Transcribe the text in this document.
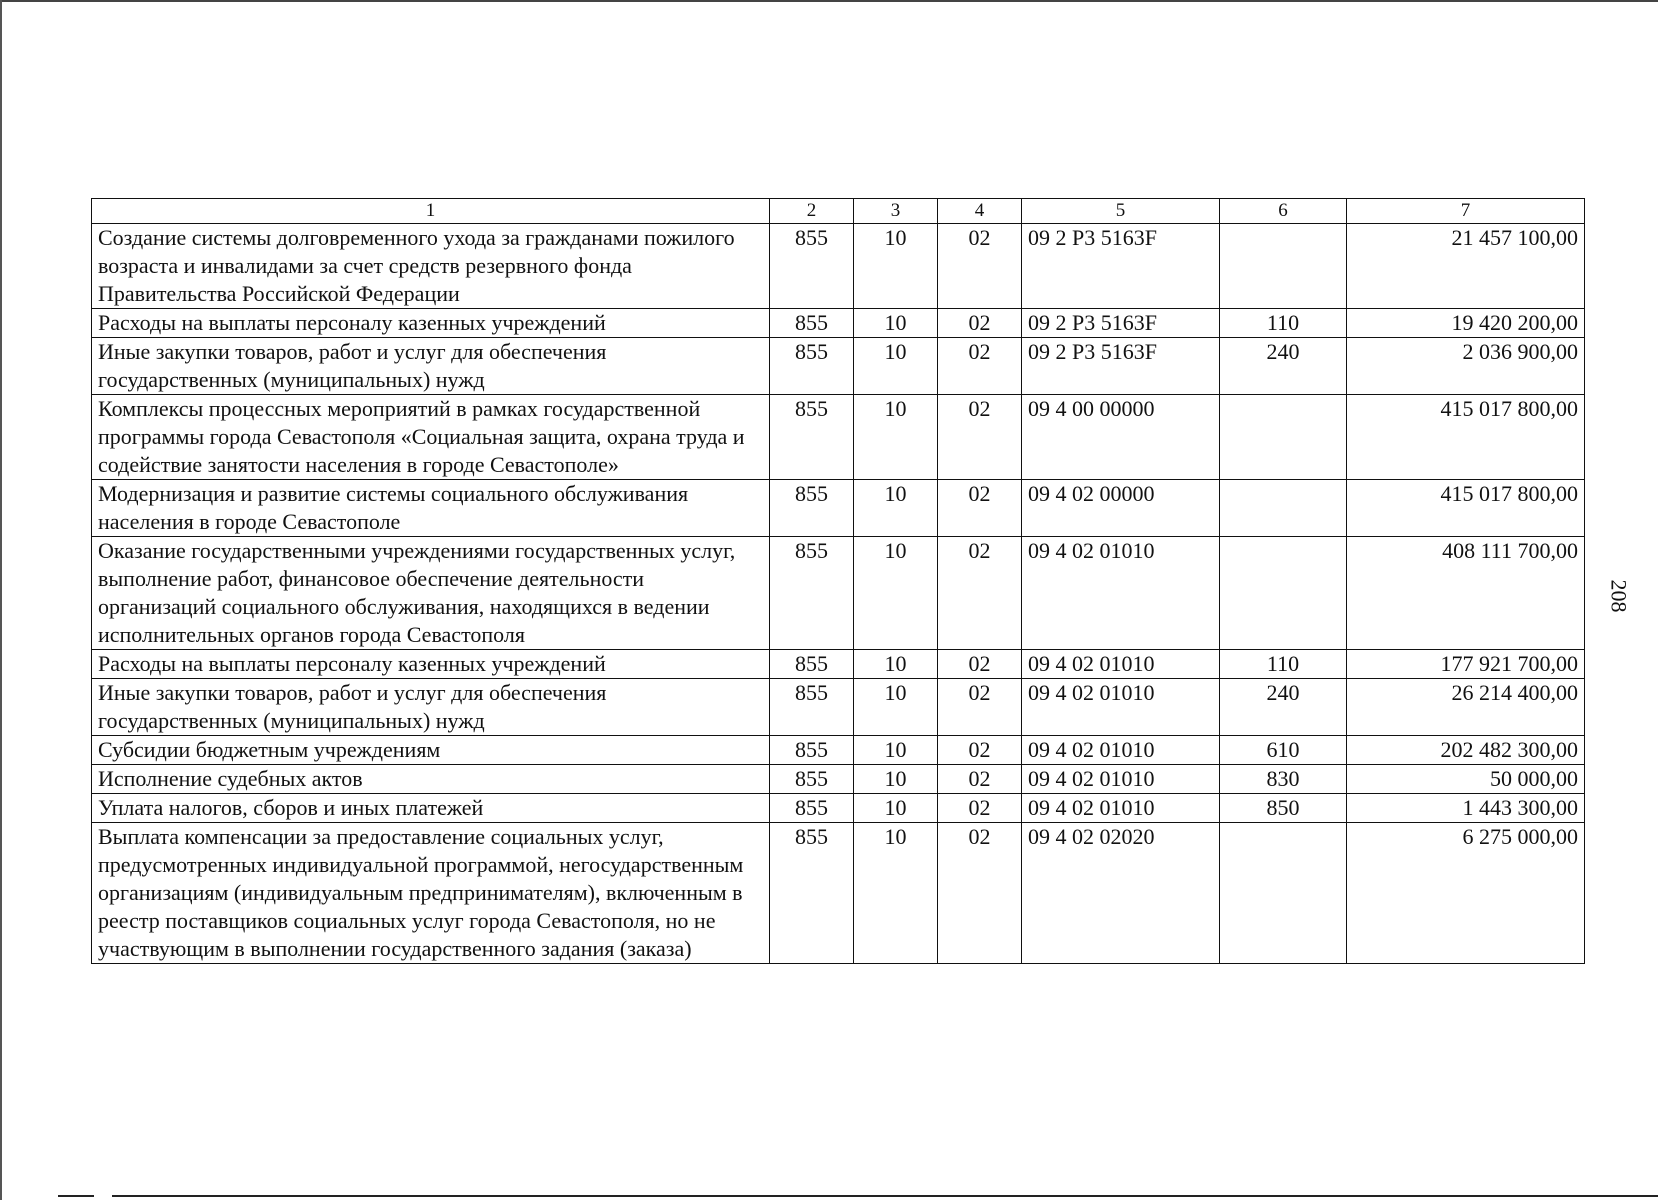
1	2	3	4	5	6	7
Создание системы долговременного ухода за гражданами пожилого возраста и инвалидами за счет средств резервного фонда Правительства Российской Федерации	855	10	02	09 2 Р3 5163F		21 457 100,00
Расходы на выплаты персоналу казенных учреждений	855	10	02	09 2 Р3 5163F	110	19 420 200,00
Иные закупки товаров, работ и услуг для обеспечения государственных (муниципальных) нужд	855	10	02	09 2 Р3 5163F	240	2 036 900,00
Комплексы процессных мероприятий в рамках государственной программы города Севастополя «Социальная защита, охрана труда и содействие занятости населения в городе Севастополе»	855	10	02	09 4 00 00000		415 017 800,00
Модернизация и развитие системы социального обслуживания населения в городе Севастополе	855	10	02	09 4 02 00000		415 017 800,00
Оказание государственными учреждениями государственных услуг, выполнение работ, финансовое обеспечение деятельности организаций социального обслуживания, находящихся в ведении исполнительных органов города Севастополя	855	10	02	09 4 02 01010		408 111 700,00
Расходы на выплаты персоналу казенных учреждений	855	10	02	09 4 02 01010	110	177 921 700,00
Иные закупки товаров, работ и услуг для обеспечения государственных (муниципальных) нужд	855	10	02	09 4 02 01010	240	26 214 400,00
Субсидии бюджетным учреждениям	855	10	02	09 4 02 01010	610	202 482 300,00
Исполнение судебных актов	855	10	02	09 4 02 01010	830	50 000,00
Уплата налогов, сборов и иных платежей	855	10	02	09 4 02 01010	850	1 443 300,00
Выплата компенсации за предоставление социальных услуг, предусмотренных индивидуальной программой, негосударственным организациям (индивидуальным предпринимателям), включенным в реестр поставщиков социальных услуг города Севастополя, но не участвующим в выполнении государственного задания (заказа)	855	10	02	09 4 02 02020		6 275 000,00
208
